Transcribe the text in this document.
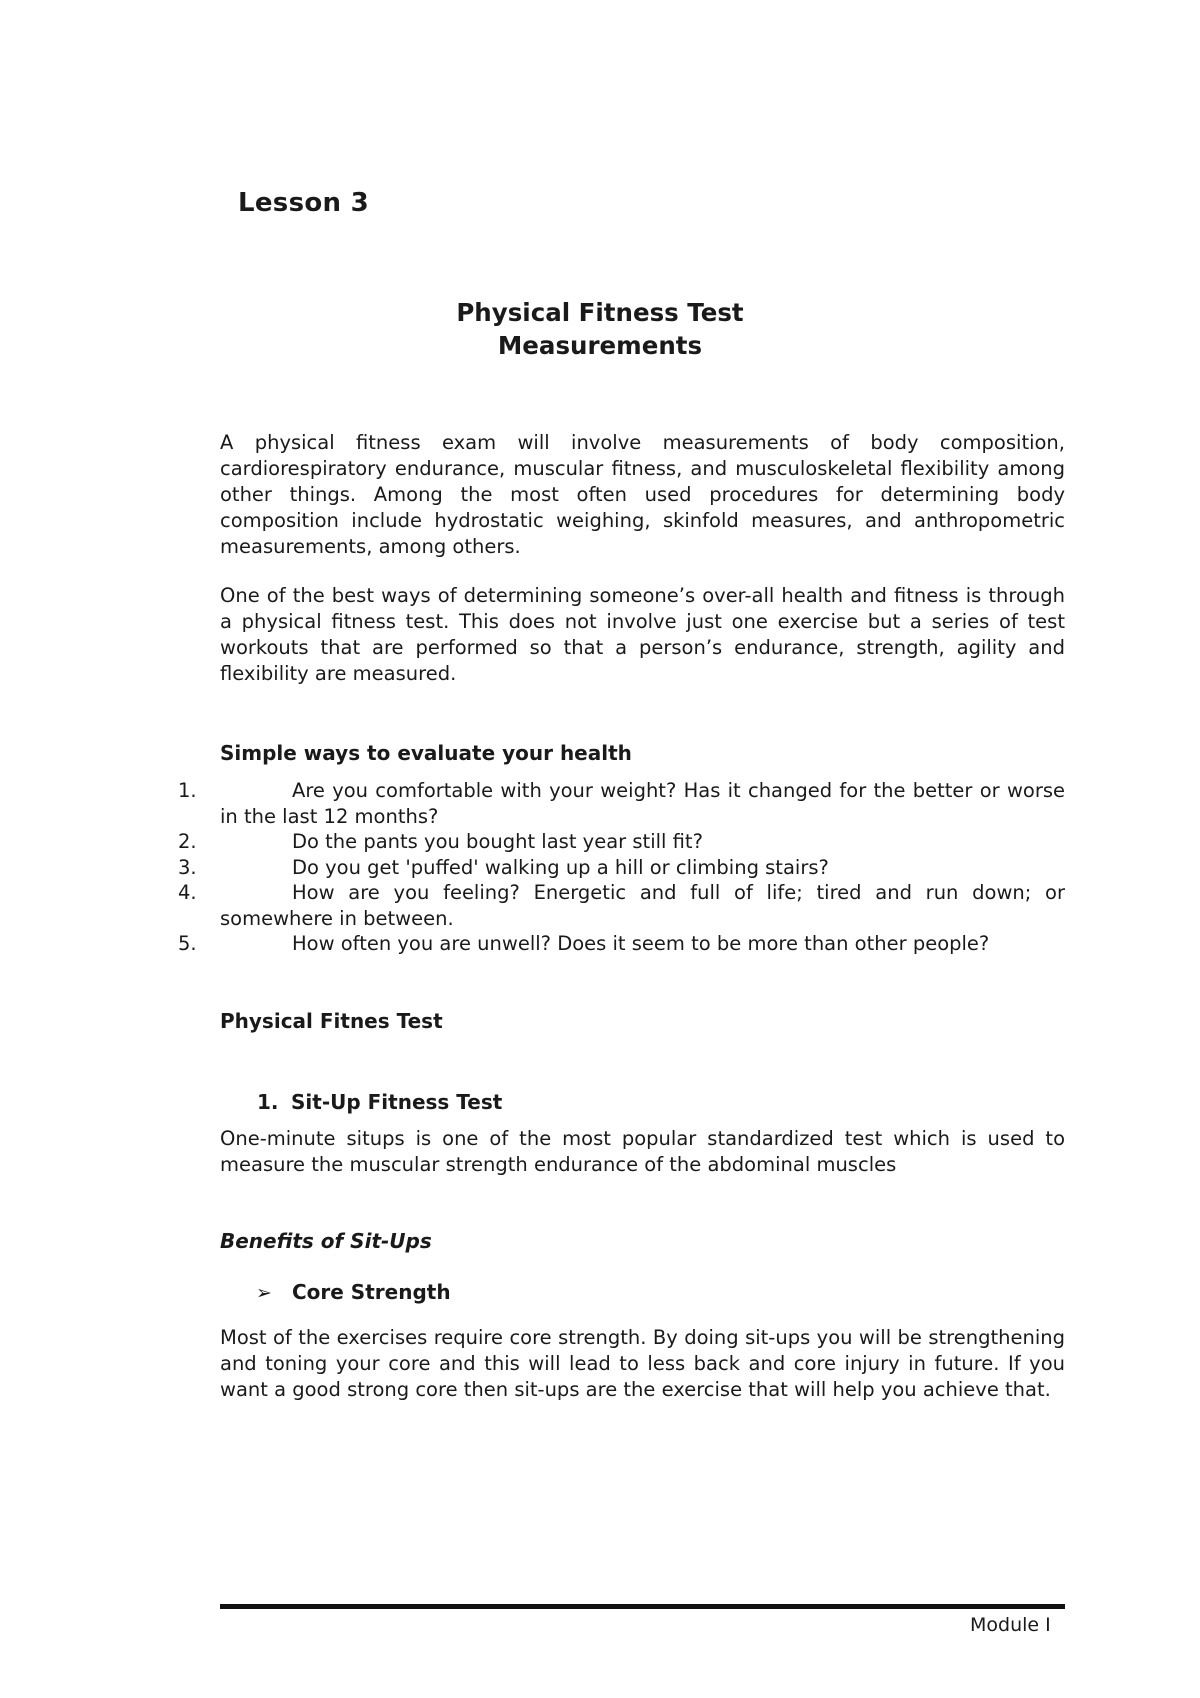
Lesson 3
Physical Fitness Test
Measurements

A physical fitness exam will involve measurements of body composition, cardiorespiratory endurance, muscular fitness, and musculoskeletal flexibility among other things. Among the most often used procedures for determining body composition include hydrostatic weighing, skinfold measures, and anthropometric measurements, among others.

One of the best ways of determining someone’s over-all health and fitness is through a physical fitness test. This does not involve just one exercise but a series of test workouts that are performed so that a person’s endurance, strength, agility and flexibility are measured.

Simple ways to evaluate your health
1.	Are you comfortable with your weight? Has it changed for the better or worse in the last 12 months?
2.	Do the pants you bought last year still fit?
3.	Do you get 'puffed' walking up a hill or climbing stairs?
4.	How are you feeling? Energetic and full of life; tired and run down; or somewhere in between.
5.	How often you are unwell? Does it seem to be more than other people?
Physical Fitnes Test

1. Sit-Up Fitness Test

One-minute situps is one of the most popular standardized test which is used to measure the muscular strength endurance of the abdominal muscles

Benefits of Sit-Ups

➢ Core Strength

Most of the exercises require core strength. By doing sit-ups you will be strengthening and toning your core and this will lead to less back and core injury in future. If you want a good strong core then sit-ups are the exercise that will help you achieve that.

Module I
